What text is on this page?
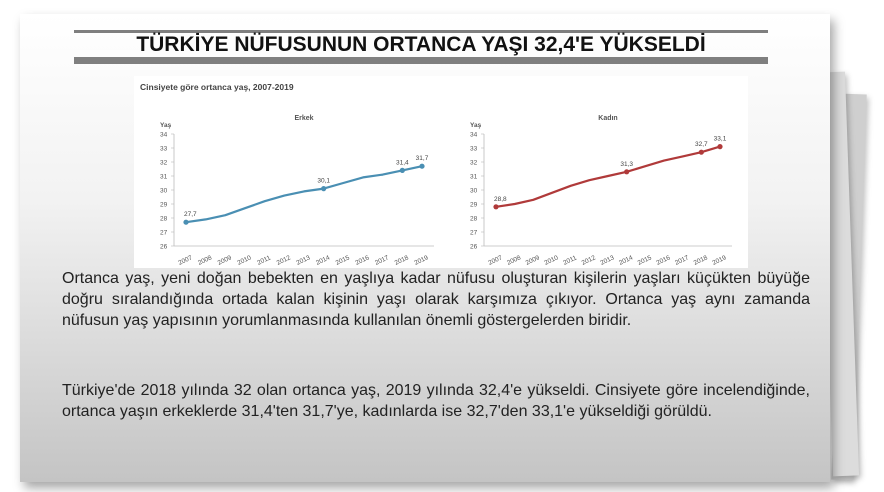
TÜRKİYE NÜFUSUNUN ORTANCA YAŞI 32,4'E YÜKSELDİ
Erkek
Yaş
26
27
28
29
30
31
32
33
34
2007 2008 2009 2010 2011 2012 2013 2014 2015 2016 2017 2018 2019
27,7
30,1
31,4
31,7
Kadın
Yaş
26
27
28
29
30
31
32
33
34
2007 2008 2009 2010 2011 2012 2013 2014 2015 2016 2017 2018 2019
28,8
31,3
32,7
33,1
Cinsiyete göre ortanca yaş, 2007-2019

Ortanca yaş, yeni doğan bebekten en yaşlıya kadar nüfusu oluşturan kişilerin yaşları küçükten büyüğe doğru sıralandığında ortada kalan kişinin yaşı olarak karşımıza çıkıyor. Ortanca yaş aynı zamanda nüfusun yaş yapısının yorumlanmasında kullanılan önemli göstergelerden biridir.

Türkiye'de 2018 yılında 32 olan ortanca yaş, 2019 yılında 32,4'e yükseldi. Cinsiyete göre incelendiğinde, ortanca yaşın erkeklerde 31,4'ten 31,7'ye, kadınlarda ise 32,7'den 33,1'e yükseldiği görüldü.
